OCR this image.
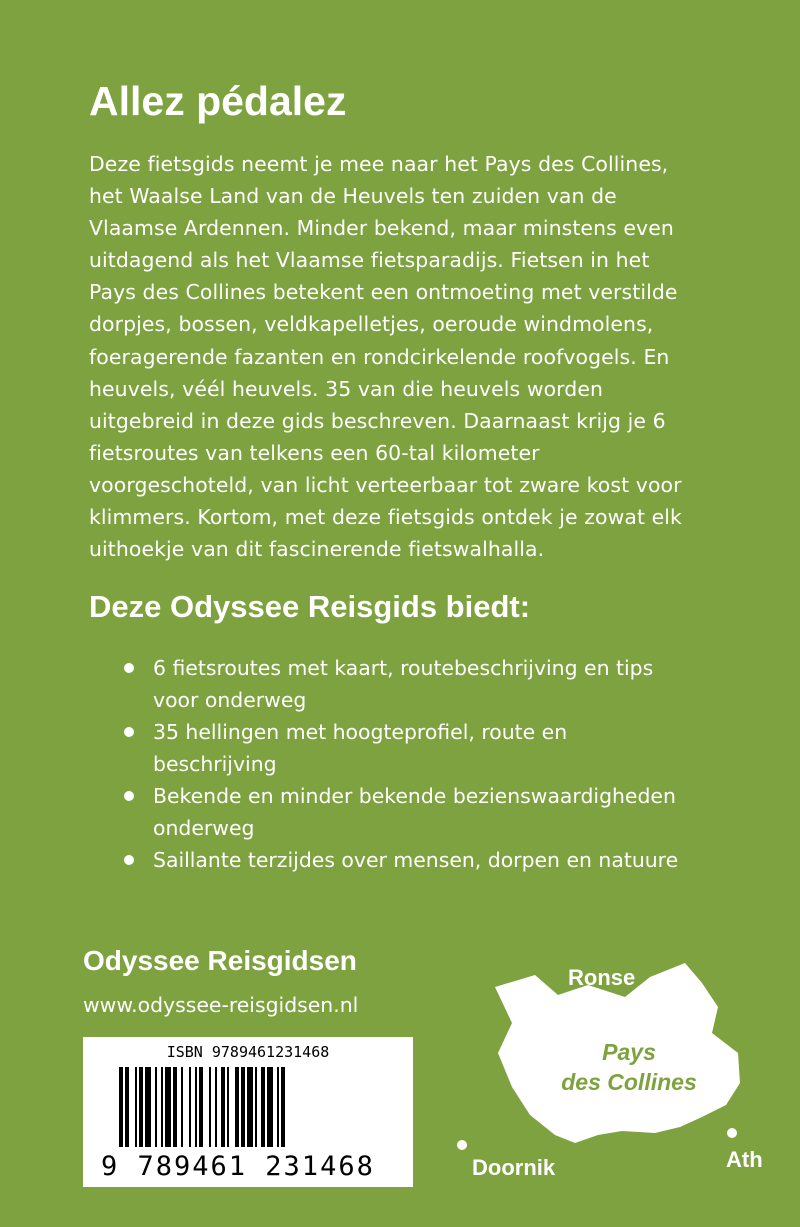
Allez pédalez
Deze fietsgids neemt je mee naar het Pays des Collines,
het Waalse Land van de Heuvels ten zuiden van de
Vlaamse Ardennen. Minder bekend, maar minstens even
uitdagend als het Vlaamse fietsparadijs. Fietsen in het
Pays des Collines betekent een ontmoeting met verstilde
dorpjes, bossen, veldkapelletjes, oeroude windmolens,
foeragerende fazanten en rondcirkelende roofvogels. En
heuvels, véél heuvels. 35 van die heuvels worden
uitgebreid in deze gids beschreven. Daarnaast krijg je 6
fietsroutes van telkens een 60-tal kilometer
voorgeschoteld, van licht verteerbaar tot zware kost voor
klimmers. Kortom, met deze fietsgids ontdek je zowat elk
uithoekje van dit fascinerende fietswalhalla.
Deze Odyssee Reisgids biedt:
6 fietsroutes met kaart, routebeschrijving en tips
voor onderweg
35 hellingen met hoogteprofiel, route en
beschrijving
Bekende en minder bekende bezienswaardigheden
onderweg
Saillante terzijdes over mensen, dorpen en natuure
Odyssee Reisgidsen
www.odyssee-reisgidsen.nl
ISBN 9789461231468
9 789461 231468
Ronse
Pays
des Collines
Doornik	Ath
